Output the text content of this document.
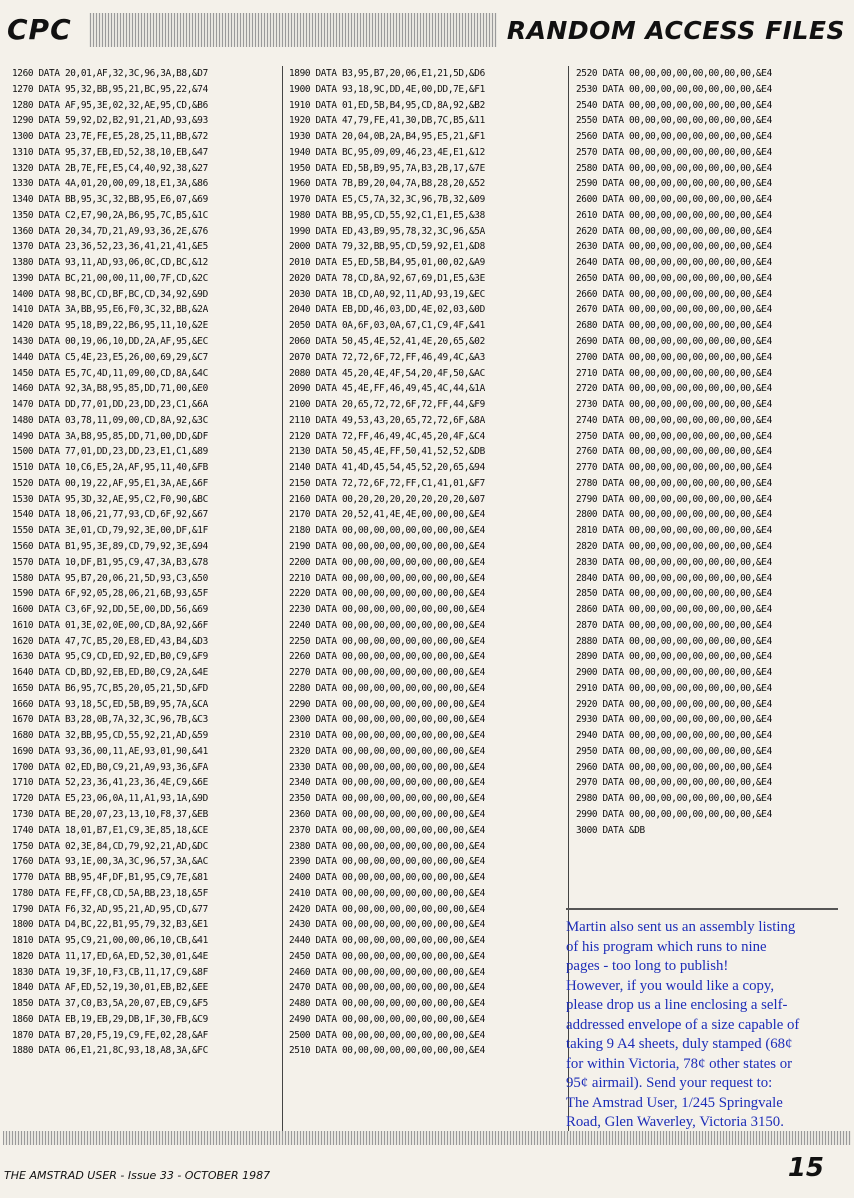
CPC	RANDOM ACCESS FILES
1260 DATA 20,01,AF,32,3C,96,3A,B8,&D7
1270 DATA 95,32,BB,95,21,BC,95,22,&74
1280 DATA AF,95,3E,02,32,AE,95,CD,&B6
1290 DATA 59,92,D2,B2,91,21,AD,93,&93
1300 DATA 23,7E,FE,E5,28,25,11,BB,&72
1310 DATA 95,37,EB,ED,52,38,10,EB,&47
1320 DATA 2B,7E,FE,E5,C4,40,92,38,&27
1330 DATA 4A,01,20,00,09,18,E1,3A,&86
1340 DATA BB,95,3C,32,BB,95,E6,07,&69
1350 DATA C2,E7,90,2A,B6,95,7C,B5,&1C
1360 DATA 20,34,7D,21,A9,93,36,2E,&76
1370 DATA 23,36,52,23,36,41,21,41,&E5
1380 DATA 93,11,AD,93,06,0C,CD,BC,&12
1390 DATA BC,21,00,00,11,00,7F,CD,&2C
1400 DATA 98,BC,CD,BF,BC,CD,34,92,&9D
1410 DATA 3A,BB,95,E6,F0,3C,32,BB,&2A
1420 DATA 95,18,B9,22,B6,95,11,10,&2E
1430 DATA 00,19,06,10,DD,2A,AF,95,&EC
1440 DATA C5,4E,23,E5,26,00,69,29,&C7
1450 DATA E5,7C,4D,11,09,00,CD,8A,&4C
1460 DATA 92,3A,B8,95,85,DD,71,00,&E0
1470 DATA DD,77,01,DD,23,DD,23,C1,&6A
1480 DATA 03,78,11,09,00,CD,8A,92,&3C
1490 DATA 3A,B8,95,85,DD,71,00,DD,&DF
1500 DATA 77,01,DD,23,DD,23,E1,C1,&89
1510 DATA 10,C6,E5,2A,AF,95,11,40,&FB
1520 DATA 00,19,22,AF,95,E1,3A,AE,&6F
1530 DATA 95,3D,32,AE,95,C2,F0,90,&BC
1540 DATA 18,06,21,77,93,CD,6F,92,&67
1550 DATA 3E,01,CD,79,92,3E,00,DF,&1F
1560 DATA B1,95,3E,89,CD,79,92,3E,&94
1570 DATA 10,DF,B1,95,C9,47,3A,B3,&78
1580 DATA 95,B7,20,06,21,5D,93,C3,&50
1590 DATA 6F,92,05,28,06,21,6B,93,&5F
1600 DATA C3,6F,92,DD,5E,00,DD,56,&69
1610 DATA 01,3E,02,0E,00,CD,8A,92,&6F
1620 DATA 47,7C,B5,20,E8,ED,43,B4,&D3
1630 DATA 95,C9,CD,ED,92,ED,B0,C9,&F9
1640 DATA CD,BD,92,EB,ED,B0,C9,2A,&4E
1650 DATA B6,95,7C,B5,20,05,21,5D,&FD
1660 DATA 93,18,5C,ED,5B,B9,95,7A,&CA
1670 DATA B3,28,0B,7A,32,3C,96,7B,&C3
1680 DATA 32,BB,95,CD,55,92,21,AD,&59
1690 DATA 93,36,00,11,AE,93,01,90,&41
1700 DATA 02,ED,B0,C9,21,A9,93,36,&FA
1710 DATA 52,23,36,41,23,36,4E,C9,&6E
1720 DATA E5,23,06,0A,11,A1,93,1A,&9D
1730 DATA BE,20,07,23,13,10,F8,37,&EB
1740 DATA 18,01,B7,E1,C9,3E,85,18,&CE
1750 DATA 02,3E,84,CD,79,92,21,AD,&DC
1760 DATA 93,1E,00,3A,3C,96,57,3A,&AC
1770 DATA BB,95,4F,DF,B1,95,C9,7E,&81
1780 DATA FE,FF,C8,CD,5A,BB,23,18,&5F
1790 DATA F6,32,AD,95,21,AD,95,CD,&77
1800 DATA D4,BC,22,B1,95,79,32,B3,&E1
1810 DATA 95,C9,21,00,00,06,10,CB,&41
1820 DATA 11,17,ED,6A,ED,52,30,01,&4E
1830 DATA 19,3F,10,F3,CB,11,17,C9,&8F
1840 DATA AF,ED,52,19,30,01,EB,B2,&EE
1850 DATA 37,C0,B3,5A,20,07,EB,C9,&F5
1860 DATA EB,19,EB,29,DB,1F,30,FB,&C9
1870 DATA B7,20,F5,19,C9,FE,02,28,&AF
1880 DATA 06,E1,21,8C,93,18,A8,3A,&FC
1890 DATA B3,95,B7,20,06,E1,21,5D,&D6
1900 DATA 93,18,9C,DD,4E,00,DD,7E,&F1
1910 DATA 01,ED,5B,B4,95,CD,8A,92,&B2
1920 DATA 47,79,FE,41,30,DB,7C,B5,&11
1930 DATA 20,04,0B,2A,B4,95,E5,21,&F1
1940 DATA BC,95,09,09,46,23,4E,E1,&12
1950 DATA ED,5B,B9,95,7A,B3,2B,17,&7E
1960 DATA 7B,B9,20,04,7A,B8,28,20,&52
1970 DATA E5,C5,7A,32,3C,96,7B,32,&09
1980 DATA BB,95,CD,55,92,C1,E1,E5,&38
1990 DATA ED,43,B9,95,78,32,3C,96,&5A
2000 DATA 79,32,BB,95,CD,59,92,E1,&D8
2010 DATA E5,ED,5B,B4,95,01,00,02,&A9
2020 DATA 78,CD,8A,92,67,69,D1,E5,&3E
2030 DATA 1B,CD,A0,92,11,AD,93,19,&EC
2040 DATA EB,DD,46,03,DD,4E,02,03,&0D
2050 DATA 0A,6F,03,0A,67,C1,C9,4F,&41
2060 DATA 50,45,4E,52,41,4E,20,65,&02
2070 DATA 72,72,6F,72,FF,46,49,4C,&A3
2080 DATA 45,20,4E,4F,54,20,4F,50,&AC
2090 DATA 45,4E,FF,46,49,45,4C,44,&1A
2100 DATA 20,65,72,72,6F,72,FF,44,&F9
2110 DATA 49,53,43,20,65,72,72,6F,&8A
2120 DATA 72,FF,46,49,4C,45,20,4F,&C4
2130 DATA 50,45,4E,FF,50,41,52,52,&DB
2140 DATA 41,4D,45,54,45,52,20,65,&94
2150 DATA 72,72,6F,72,FF,C1,41,01,&F7
2160 DATA 00,20,20,20,20,20,20,20,&07
2170 DATA 20,52,41,4E,4E,00,00,00,&E4
2180 DATA 00,00,00,00,00,00,00,00,&E4
2190 DATA 00,00,00,00,00,00,00,00,&E4
2200 DATA 00,00,00,00,00,00,00,00,&E4
2210 DATA 00,00,00,00,00,00,00,00,&E4
2220 DATA 00,00,00,00,00,00,00,00,&E4
2230 DATA 00,00,00,00,00,00,00,00,&E4
2240 DATA 00,00,00,00,00,00,00,00,&E4
2250 DATA 00,00,00,00,00,00,00,00,&E4
2260 DATA 00,00,00,00,00,00,00,00,&E4
2270 DATA 00,00,00,00,00,00,00,00,&E4
2280 DATA 00,00,00,00,00,00,00,00,&E4
2290 DATA 00,00,00,00,00,00,00,00,&E4
2300 DATA 00,00,00,00,00,00,00,00,&E4
2310 DATA 00,00,00,00,00,00,00,00,&E4
2320 DATA 00,00,00,00,00,00,00,00,&E4
2330 DATA 00,00,00,00,00,00,00,00,&E4
2340 DATA 00,00,00,00,00,00,00,00,&E4
2350 DATA 00,00,00,00,00,00,00,00,&E4
2360 DATA 00,00,00,00,00,00,00,00,&E4
2370 DATA 00,00,00,00,00,00,00,00,&E4
2380 DATA 00,00,00,00,00,00,00,00,&E4
2390 DATA 00,00,00,00,00,00,00,00,&E4
2400 DATA 00,00,00,00,00,00,00,00,&E4
2410 DATA 00,00,00,00,00,00,00,00,&E4
2420 DATA 00,00,00,00,00,00,00,00,&E4
2430 DATA 00,00,00,00,00,00,00,00,&E4
2440 DATA 00,00,00,00,00,00,00,00,&E4
2450 DATA 00,00,00,00,00,00,00,00,&E4
2460 DATA 00,00,00,00,00,00,00,00,&E4
2470 DATA 00,00,00,00,00,00,00,00,&E4
2480 DATA 00,00,00,00,00,00,00,00,&E4
2490 DATA 00,00,00,00,00,00,00,00,&E4
2500 DATA 00,00,00,00,00,00,00,00,&E4
2510 DATA 00,00,00,00,00,00,00,00,&E4
2520 DATA 00,00,00,00,00,00,00,00,&E4
2530 DATA 00,00,00,00,00,00,00,00,&E4
2540 DATA 00,00,00,00,00,00,00,00,&E4
2550 DATA 00,00,00,00,00,00,00,00,&E4
2560 DATA 00,00,00,00,00,00,00,00,&E4
2570 DATA 00,00,00,00,00,00,00,00,&E4
2580 DATA 00,00,00,00,00,00,00,00,&E4
2590 DATA 00,00,00,00,00,00,00,00,&E4
2600 DATA 00,00,00,00,00,00,00,00,&E4
2610 DATA 00,00,00,00,00,00,00,00,&E4
2620 DATA 00,00,00,00,00,00,00,00,&E4
2630 DATA 00,00,00,00,00,00,00,00,&E4
2640 DATA 00,00,00,00,00,00,00,00,&E4
2650 DATA 00,00,00,00,00,00,00,00,&E4
2660 DATA 00,00,00,00,00,00,00,00,&E4
2670 DATA 00,00,00,00,00,00,00,00,&E4
2680 DATA 00,00,00,00,00,00,00,00,&E4
2690 DATA 00,00,00,00,00,00,00,00,&E4
2700 DATA 00,00,00,00,00,00,00,00,&E4
2710 DATA 00,00,00,00,00,00,00,00,&E4
2720 DATA 00,00,00,00,00,00,00,00,&E4
2730 DATA 00,00,00,00,00,00,00,00,&E4
2740 DATA 00,00,00,00,00,00,00,00,&E4
2750 DATA 00,00,00,00,00,00,00,00,&E4
2760 DATA 00,00,00,00,00,00,00,00,&E4
2770 DATA 00,00,00,00,00,00,00,00,&E4
2780 DATA 00,00,00,00,00,00,00,00,&E4
2790 DATA 00,00,00,00,00,00,00,00,&E4
2800 DATA 00,00,00,00,00,00,00,00,&E4
2810 DATA 00,00,00,00,00,00,00,00,&E4
2820 DATA 00,00,00,00,00,00,00,00,&E4
2830 DATA 00,00,00,00,00,00,00,00,&E4
2840 DATA 00,00,00,00,00,00,00,00,&E4
2850 DATA 00,00,00,00,00,00,00,00,&E4
2860 DATA 00,00,00,00,00,00,00,00,&E4
2870 DATA 00,00,00,00,00,00,00,00,&E4
2880 DATA 00,00,00,00,00,00,00,00,&E4
2890 DATA 00,00,00,00,00,00,00,00,&E4
2900 DATA 00,00,00,00,00,00,00,00,&E4
2910 DATA 00,00,00,00,00,00,00,00,&E4
2920 DATA 00,00,00,00,00,00,00,00,&E4
2930 DATA 00,00,00,00,00,00,00,00,&E4
2940 DATA 00,00,00,00,00,00,00,00,&E4
2950 DATA 00,00,00,00,00,00,00,00,&E4
2960 DATA 00,00,00,00,00,00,00,00,&E4
2970 DATA 00,00,00,00,00,00,00,00,&E4
2980 DATA 00,00,00,00,00,00,00,00,&E4
2990 DATA 00,00,00,00,00,00,00,00,&E4
3000 DATA &DB
Martin also sent us an assembly listing
of his program which runs to nine
pages - too long to publish!
However, if you would like a copy,
please drop us a line enclosing a self-
addressed envelope of a size capable of
taking 9 A4 sheets, duly stamped (68¢
for within Victoria, 78¢ other states or
95¢ airmail). Send your request to:
The Amstrad User, 1/245 Springvale
Road, Glen Waverley, Victoria 3150.
THE AMSTRAD USER - Issue 33 - OCTOBER 1987	15
